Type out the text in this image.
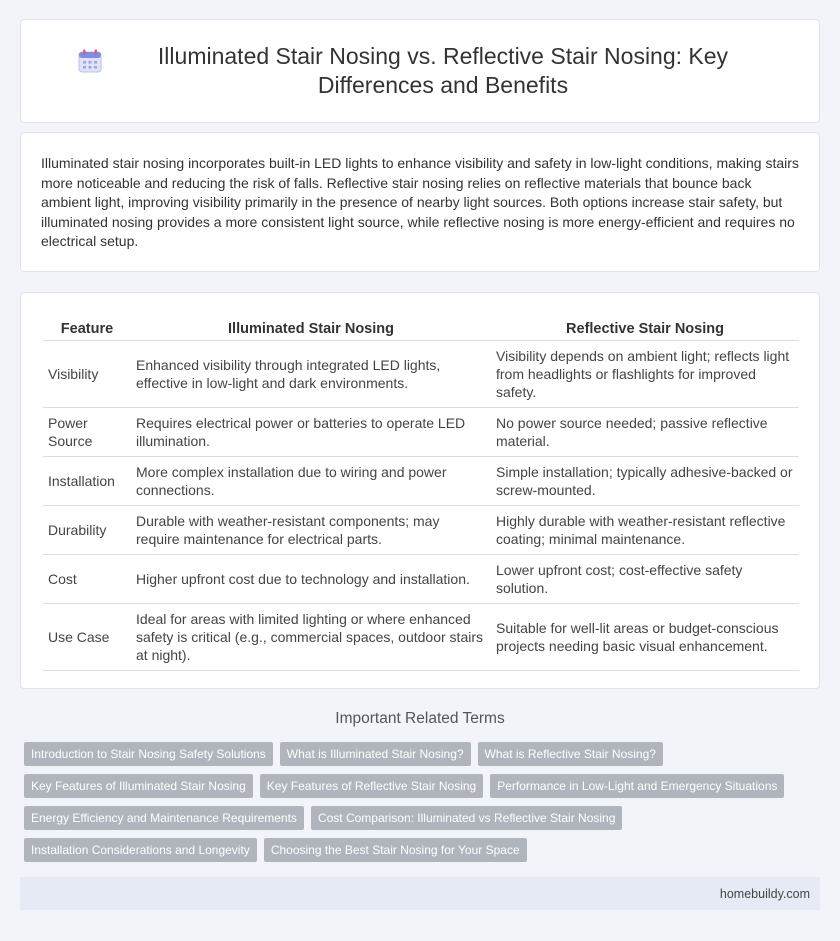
Illuminated Stair Nosing vs. Reflective Stair Nosing: Key Differences and Benefits

Illuminated stair nosing incorporates built-in LED lights to enhance visibility and safety in low-light conditions, making stairs more noticeable and reducing the risk of falls. Reflective stair nosing relies on reflective materials that bounce back ambient light, improving visibility primarily in the presence of nearby light sources. Both options increase stair safety, but illuminated nosing provides a more consistent light source, while reflective nosing is more energy-efficient and requires no electrical setup.

Feature	Illuminated Stair Nosing	Reflective Stair Nosing
Visibility	Enhanced visibility through integrated LED lights, effective in low-light and dark environments.	Visibility depends on ambient light; reflects light from headlights or flashlights for improved safety.
Power Source	Requires electrical power or batteries to operate LED illumination.	No power source needed; passive reflective material.
Installation	More complex installation due to wiring and power connections.	Simple installation; typically adhesive-backed or screw-mounted.
Durability	Durable with weather-resistant components; may require maintenance for electrical parts.	Highly durable with weather-resistant reflective coating; minimal maintenance.
Cost	Higher upfront cost due to technology and installation.	Lower upfront cost; cost-effective safety solution.
Use Case	Ideal for areas with limited lighting or where enhanced safety is critical (e.g., commercial spaces, outdoor stairs at night).	Suitable for well-lit areas or budget-conscious projects needing basic visual enhancement.
Important Related Terms
Introduction to Stair Nosing Safety Solutions	What is Illuminated Stair Nosing?	What is Reflective Stair Nosing?
Key Features of Illuminated Stair Nosing	Key Features of Reflective Stair Nosing	Performance in Low-Light and Emergency Situations
Energy Efficiency and Maintenance Requirements	Cost Comparison: Illuminated vs Reflective Stair Nosing
Installation Considerations and Longevity	Choosing the Best Stair Nosing for Your Space
homebuildy.com
